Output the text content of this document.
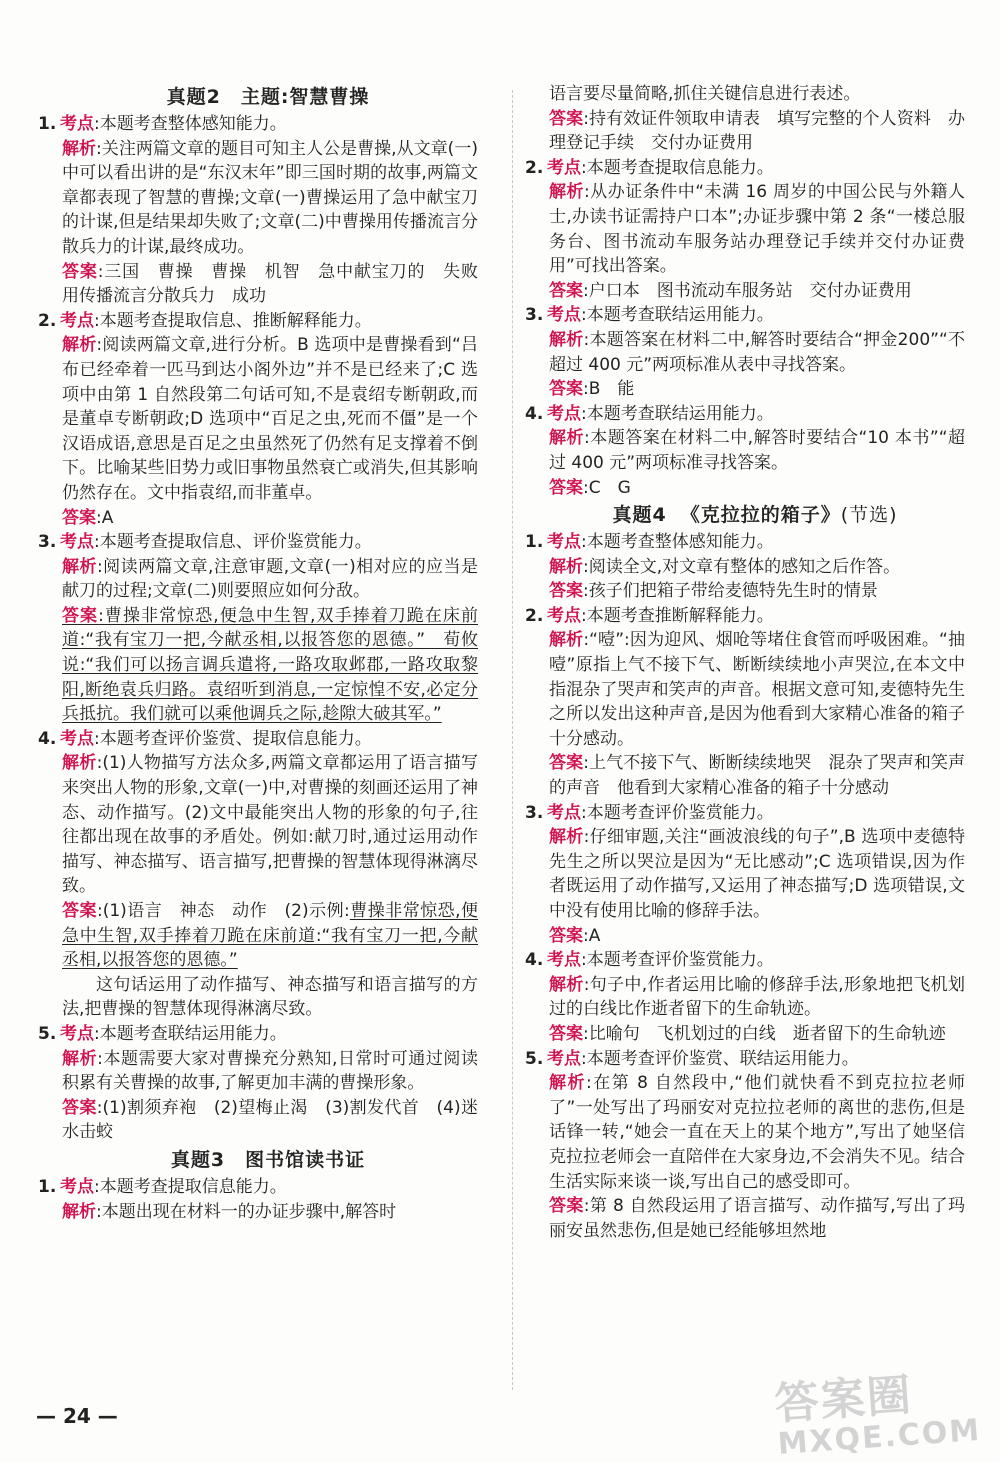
真题2 主题:智慧曹操
1. 考点:本题考查整体感知能力。
解析:关注两篇文章的题目可知主人公是曹操,从文章(一)中可以看出讲的是“东汉末年”即三国时期的故事,两篇文章都表现了智慧的曹操;文章(一)曹操运用了急中献宝刀的计谋,但是结果却失败了;文章(二)中曹操用传播流言分散兵力的计谋,最终成功。
答案:三国　曹操　曹操　机智　急中献宝刀的　失败　用传播流言分散兵力　成功
2. 考点:本题考查提取信息、推断解释能力。
解析:阅读两篇文章,进行分析。B 选项中是曹操看到“吕布已经牵着一匹马到达小阁外边”并不是已经来了;C 选项中由第 1 自然段第二句话可知,不是袁绍专断朝政,而是董卓专断朝政;D 选项中“百足之虫,死而不僵”是一个汉语成语,意思是百足之虫虽然死了仍然有足支撑着不倒下。比喻某些旧势力或旧事物虽然衰亡或消失,但其影响仍然存在。文中指袁绍,而非董卓。
答案:A
3. 考点:本题考查提取信息、评价鉴赏能力。
解析:阅读两篇文章,注意审题,文章(一)相对应的应当是献刀的过程;文章(二)则要照应如何分敌。
答案:曹操非常惊恐,便急中生智,双手捧着刀跪在床前道:“我有宝刀一把,今献丞相,以报答您的恩德。”　荀攸说:“我们可以扬言调兵遣将,一路攻取邺郡,一路攻取黎阳,断绝袁兵归路。袁绍听到消息,一定惊惶不安,必定分兵抵抗。我们就可以乘他调兵之际,趁隙大破其军。”
4. 考点:本题考查评价鉴赏、提取信息能力。
解析:(1)人物描写方法众多,两篇文章都运用了语言描写来突出人物的形象,文章(一)中,对曹操的刻画还运用了神态、动作描写。(2)文中最能突出人物的形象的句子,往往都出现在故事的矛盾处。例如:献刀时,通过运用动作描写、神态描写、语言描写,把曹操的智慧体现得淋漓尽致。
答案:(1)语言　神态　动作　(2)示例:曹操非常惊恐,便急中生智,双手捧着刀跪在床前道:“我有宝刀一把,今献丞相,以报答您的恩德。”
这句话运用了动作描写、神态描写和语言描写的方法,把曹操的智慧体现得淋漓尽致。
5. 考点:本题考查联结运用能力。
解析:本题需要大家对曹操充分熟知,日常时可通过阅读积累有关曹操的故事,了解更加丰满的曹操形象。
答案:(1)割须弃袍　(2)望梅止渴　(3)割发代首　(4)迷水击蛟
真题3 图书馆读书证
1. 考点:本题考查提取信息能力。
解析:本题出现在材料一的办证步骤中,解答时
语言要尽量简略,抓住关键信息进行表述。
答案:持有效证件领取申请表　填写完整的个人资料　办理登记手续　交付办证费用
2. 考点:本题考查提取信息能力。
解析:从办证条件中“未满 16 周岁的中国公民与外籍人士,办读书证需持户口本”;办证步骤中第 2 条“一楼总服务台、图书流动车服务站办理登记手续并交付办证费用”可找出答案。
答案:户口本　图书流动车服务站　交付办证费用
3. 考点:本题考查联结运用能力。
解析:本题答案在材料二中,解答时要结合“押金200”“不超过 400 元”两项标准从表中寻找答案。
答案:B　能
4. 考点:本题考查联结运用能力。
解析:本题答案在材料二中,解答时要结合“10 本书”“超过 400 元”两项标准寻找答案。
答案:C　G
真题4 《克拉拉的箱子》(节选)
1. 考点:本题考查整体感知能力。
解析:阅读全文,对文章有整体的感知之后作答。
答案:孩子们把箱子带给麦德特先生时的情景
2. 考点:本题考查推断解释能力。
解析:“噎”:因为迎风、烟呛等堵住食管而呼吸困难。“抽噎”原指上气不接下气、断断续续地小声哭泣,在本文中指混杂了哭声和笑声的声音。根据文意可知,麦德特先生之所以发出这种声音,是因为他看到大家精心准备的箱子十分感动。
答案:上气不接下气、断断续续地哭　混杂了哭声和笑声的声音　他看到大家精心准备的箱子十分感动
3. 考点:本题考查评价鉴赏能力。
解析:仔细审题,关注“画波浪线的句子”,B 选项中麦德特先生之所以哭泣是因为“无比感动”;C 选项错误,因为作者既运用了动作描写,又运用了神态描写;D 选项错误,文中没有使用比喻的修辞手法。
答案:A
4. 考点:本题考查评价鉴赏能力。
解析:句子中,作者运用比喻的修辞手法,形象地把飞机划过的白线比作逝者留下的生命轨迹。
答案:比喻句　飞机划过的白线　逝者留下的生命轨迹
5. 考点:本题考查评价鉴赏、联结运用能力。
解析:在第 8 自然段中,“他们就快看不到克拉拉老师了”一处写出了玛丽安对克拉拉老师的离世的悲伤,但是话锋一转,“她会一直在天上的某个地方”,写出了她坚信克拉拉老师会一直陪伴在大家身边,不会消失不见。结合生活实际来谈一谈,写出自己的感受即可。
答案:第 8 自然段运用了语言描写、动作描写,写出了玛丽安虽然悲伤,但是她已经能够坦然地
— 24 —	答案圈
MXQE.COM
